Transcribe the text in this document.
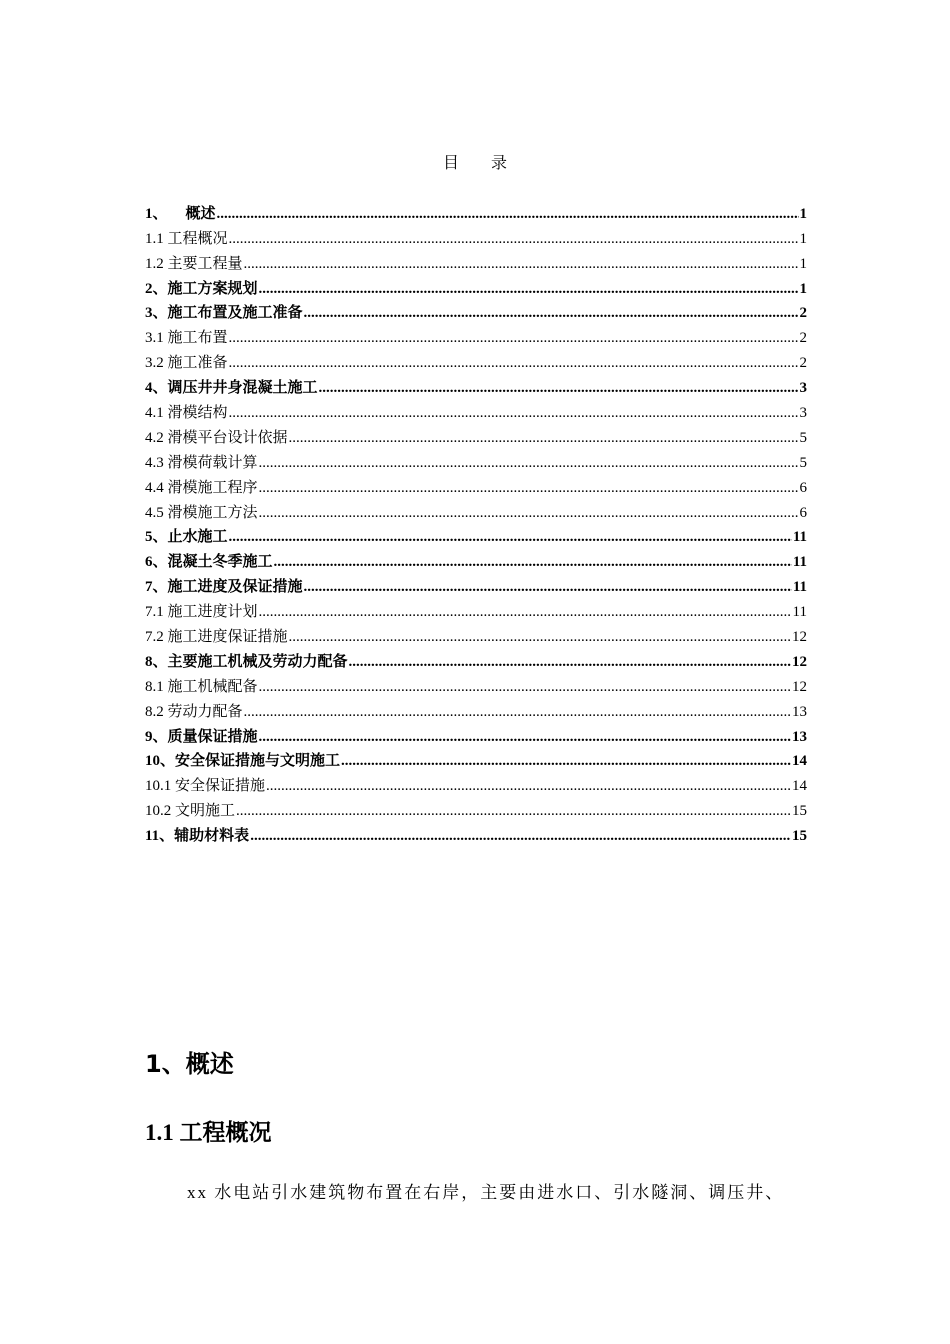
目 录
1、 概述 .....	1
1.1 工程概况 .....	1
1.2 主要工程量 .....	1
2、施工方案规划 .....	1
3、施工布置及施工准备 .....	2
3.1 施工布置 .....	2
3.2 施工准备 .....	2
4、调压井井身混凝土施工 .....	3
4.1 滑模结构 .....	3
4.2 滑模平台设计依据 .....	5
4.3 滑模荷载计算 .....	5
4.4 滑模施工程序 .....	6
4.5 滑模施工方法 .....	6
5、止水施工 .....	11
6、混凝土冬季施工 .....	11
7、施工进度及保证措施 .....	11
7.1 施工进度计划 .....	11
7.2 施工进度保证措施 .....	12
8、主要施工机械及劳动力配备 .....	12
8.1 施工机械配备 .....	12
8.2 劳动力配备 .....	13
9、质量保证措施 .....	13
10、安全保证措施与文明施工 .....	14
10.1 安全保证措施 .....	14
10.2 文明施工 .....	15
11、辅助材料表 .....	15
1、概述
1.1 工程概况
xx 水电站引水建筑物布置在右岸，主要由进水口、引水隧洞、调压井、
